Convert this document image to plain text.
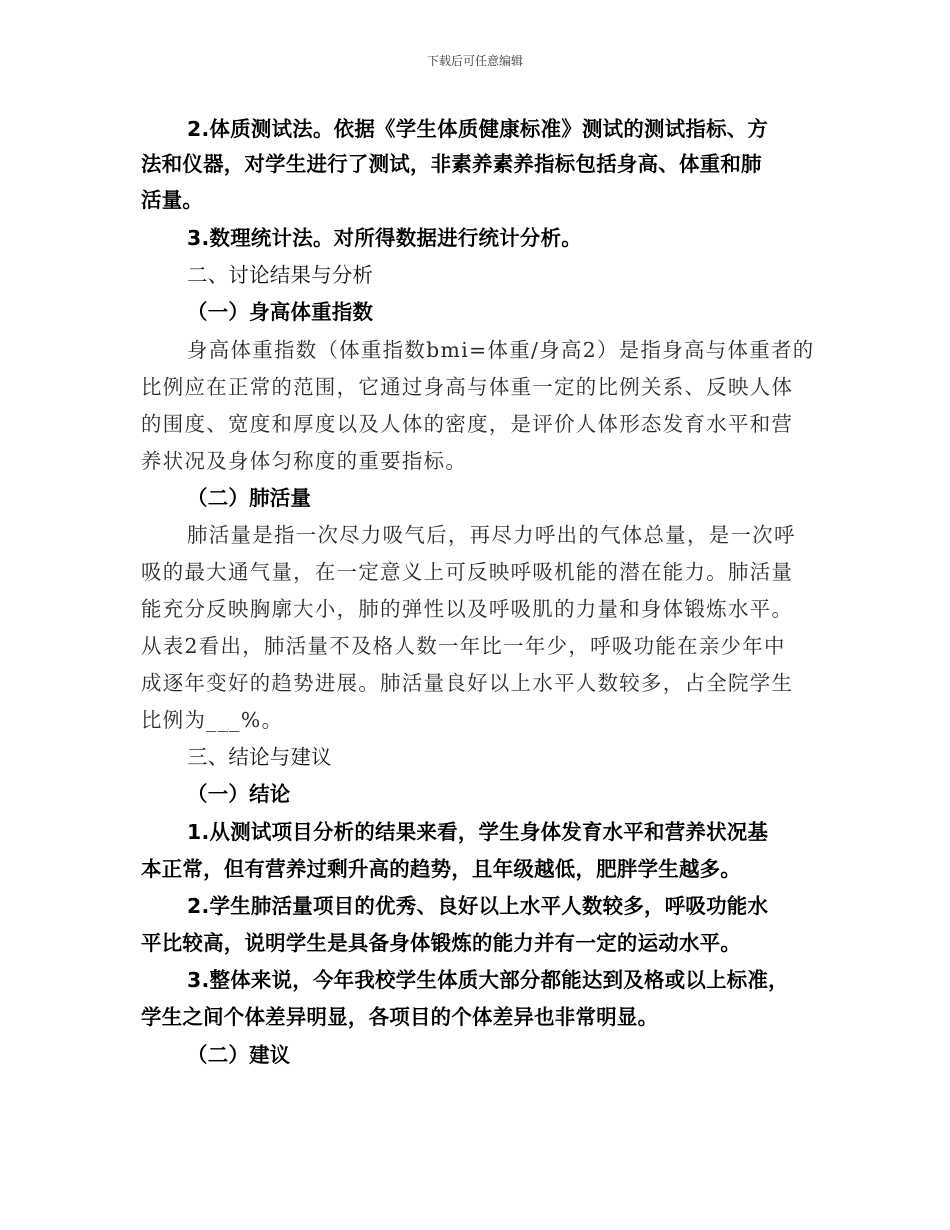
下载后可任意编辑
2.体质测试法。依据《学生体质健康标准》测试的测试指标、方
法和仪器，对学生进行了测试，非素养素养指标包括身高、体重和肺
活量。
3.数理统计法。对所得数据进行统计分析。
二、讨论结果与分析
（一）身高体重指数
身高体重指数（体重指数bmi=体重/身高2）是指身高与体重者的
比例应在正常的范围，它通过身高与体重一定的比例关系、反映人体
的围度、宽度和厚度以及人体的密度，是评价人体形态发育水平和营
养状况及身体匀称度的重要指标。
（二）肺活量
肺活量是指一次尽力吸气后，再尽力呼出的气体总量，是一次呼
吸的最大通气量，在一定意义上可反映呼吸机能的潜在能力。肺活量
能充分反映胸廓大小，肺的弹性以及呼吸肌的力量和身体锻炼水平。
从表2看出，肺活量不及格人数一年比一年少，呼吸功能在亲少年中
成逐年变好的趋势进展。肺活量良好以上水平人数较多，占全院学生
比例为___%。
三、结论与建议
（一）结论
1.从测试项目分析的结果来看，学生身体发育水平和营养状况基
本正常，但有营养过剩升高的趋势，且年级越低，肥胖学生越多。
2.学生肺活量项目的优秀、良好以上水平人数较多，呼吸功能水
平比较高，说明学生是具备身体锻炼的能力并有一定的运动水平。
3.整体来说，今年我校学生体质大部分都能达到及格或以上标准，
学生之间个体差异明显，各项目的个体差异也非常明显。
（二）建议
